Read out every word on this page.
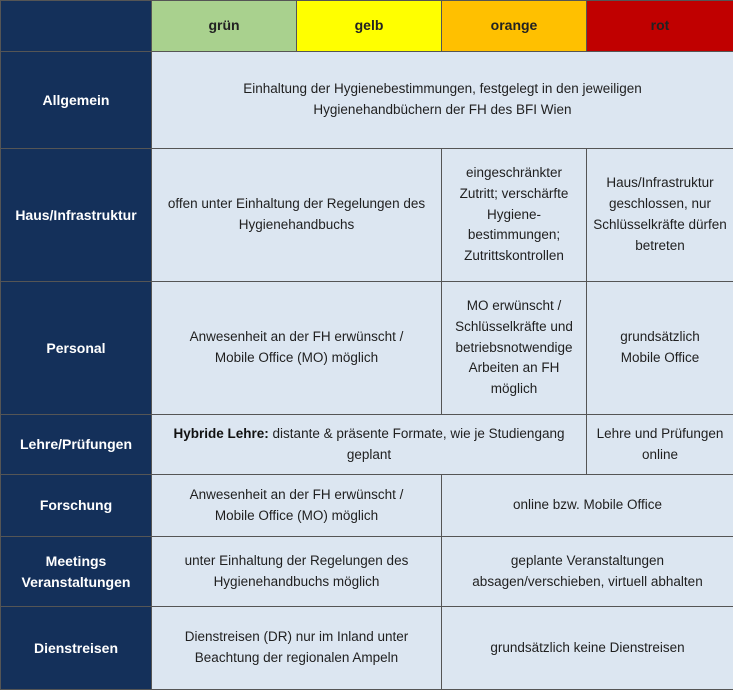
	grün	gelb	orange	rot
Allgemein	Einhaltung der Hygienebestimmungen, festgelegt in den jeweiligen Hygienehandbüchern der FH des BFI Wien			
Haus/Infrastruktur	offen unter Einhaltung der Regelungen des Hygienehandbuchs		eingeschränkter Zutritt; verschärfte Hygiene-bestimmungen; Zutrittskontrollen	Haus/Infrastruktur geschlossen, nur Schlüsselkräfte dürfen betreten
Personal	Anwesenheit an der FH erwünscht / Mobile Office (MO) möglich		MO erwünscht / Schlüsselkräfte und betriebsnotwendige Arbeiten an FH möglich	grundsätzlich Mobile Office
Lehre/Prüfungen	Hybride Lehre: distante & präsente Formate, wie je Studiengang geplant			Lehre und Prüfungen online
Forschung	Anwesenheit an der FH erwünscht / Mobile Office (MO) möglich		online bzw. Mobile Office	
Meetings Veranstaltungen	unter Einhaltung der Regelungen des Hygienehandbuchs möglich		geplante Veranstaltungen absagen/verschieben, virtuell abhalten	
Dienstreisen	Dienstreisen (DR) nur im Inland unter Beachtung der regionalen Ampeln		grundsätzlich keine Dienstreisen	
